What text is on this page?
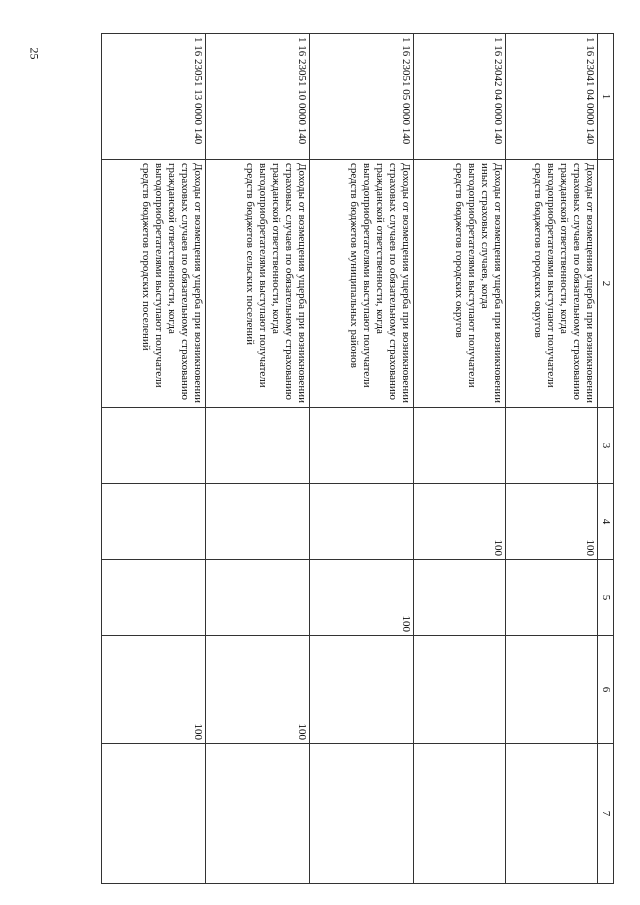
25
1	2	3	4	5	6	7
1 16 23041 04 0000 140	Доходы от возмещения ущерба при возникновении страховых случаев по обязательному страхованию гражданской ответственности, когда выгодоприобретателями выступают получатели средств бюджетов городских округов		100			
1 16 23042 04 0000 140	Доходы от возмещения ущерба при возникновении иных страховых случаев, когда выгодоприобретателями выступают получатели средств бюджетов городских округов		100			
1 16 23051 05 0000 140	Доходы от возмещения ущерба при возникновении страховых случаев по обязательному страхованию гражданской ответственности, когда выгодоприобретателями выступают получатели средств бюджетов муниципальных районов			100		
1 16 23051 10 0000 140	Доходы от возмещения ущерба при возникновении страховых случаев по обязательному страхованию гражданской ответственности, когда выгодоприобретателями выступают получатели средств бюджетов сельских поселений				100	
1 16 23051 13 0000 140	Доходы от возмещения ущерба при возникновении страховых случаев по обязательному страхованию гражданской ответственности, когда выгодоприобретателями выступают получатели средств бюджетов городских поселений				100	
